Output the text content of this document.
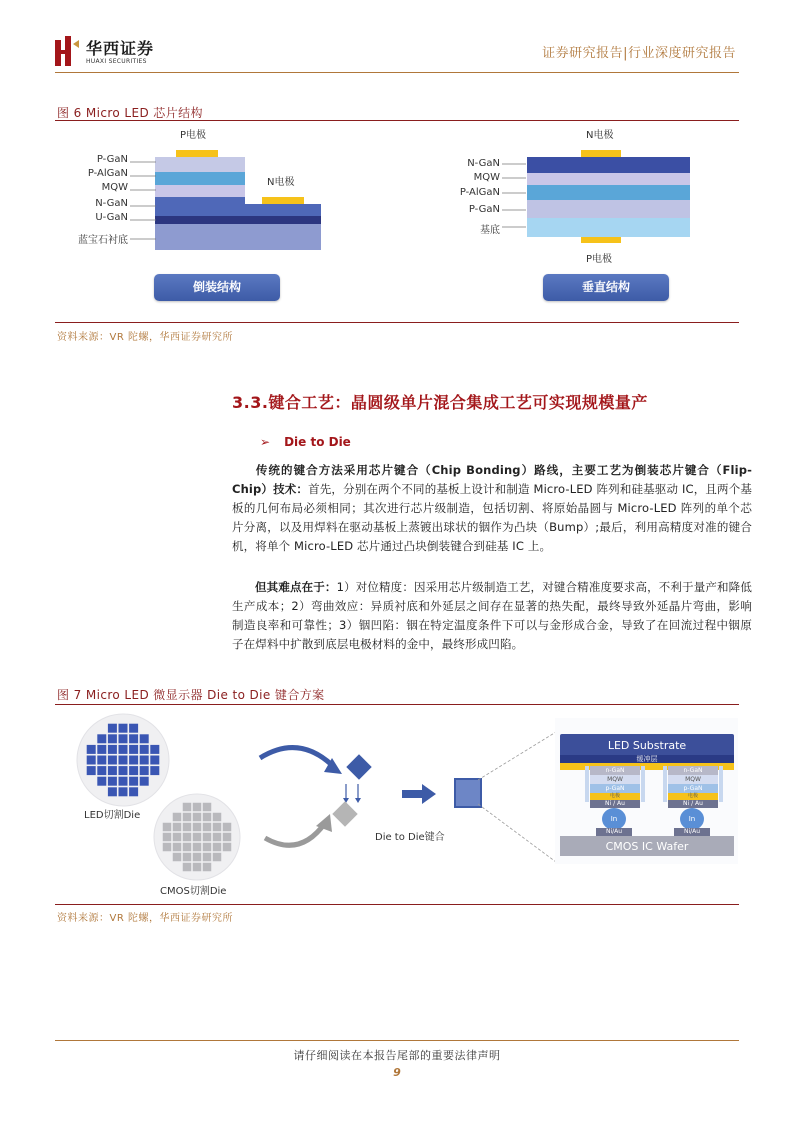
华西证券
HUAXI SECURITIES
证券研究报告|行业深度研究报告
图 6 Micro LED 芯片结构
P电极
N电极
P-GaN
P-AlGaN
MQW
N-GaN
U-GaN
蓝宝石衬底
倒装结构
N电极
P电极
N-GaN
MQW
P-AlGaN
P-GaN
基底
垂直结构
资料来源：VR 陀螺，华西证券研究所
3.3.键合工艺：晶圆级单片混合集成工艺可实现规模量产
➢ Die to Die
传统的键合方法采用芯片键合（Chip Bonding）路线，主要工艺为倒装芯片键合（Flip-Chip）技术：首先，分别在两个不同的基板上设计和制造 Micro-LED 阵列和硅基驱动 IC，且两个基板的几何布局必须相同；其次进行芯片级制造，包括切割、将原始晶圆与 Micro-LED 阵列的单个芯片分离，以及用焊料在驱动基板上蒸镀出球状的铟作为凸块（Bump）;最后，利用高精度对准的键合机，将单个 Micro-LED 芯片通过凸块倒装键合到硅基 IC 上。
但其难点在于：1）对位精度：因采用芯片级制造工艺，对键合精准度要求高，不利于量产和降低生产成本；2）弯曲效应：异质衬底和外延层之间存在显著的热失配，最终导致外延晶片弯曲，影响制造良率和可靠性；3）铟凹陷：铟在特定温度条件下可以与金形成合金，导致了在回流过程中铟原子在焊料中扩散到底层电极材料的金中，最终形成凹陷。
图 7 Micro LED 微显示器 Die to Die 键合方案
LED切割Die
CMOS切割Die
Die to Die键合
LED Substrate
缓冲层
n-GaN
MQW
p-GaN
电极
Ni / Au
In
Ni/Au
n-GaN
MQW
p-GaN
电极
Ni / Au
In
Ni/Au
CMOS IC Wafer
资料来源：VR 陀螺，华西证券研究所
请仔细阅读在本报告尾部的重要法律声明
9
